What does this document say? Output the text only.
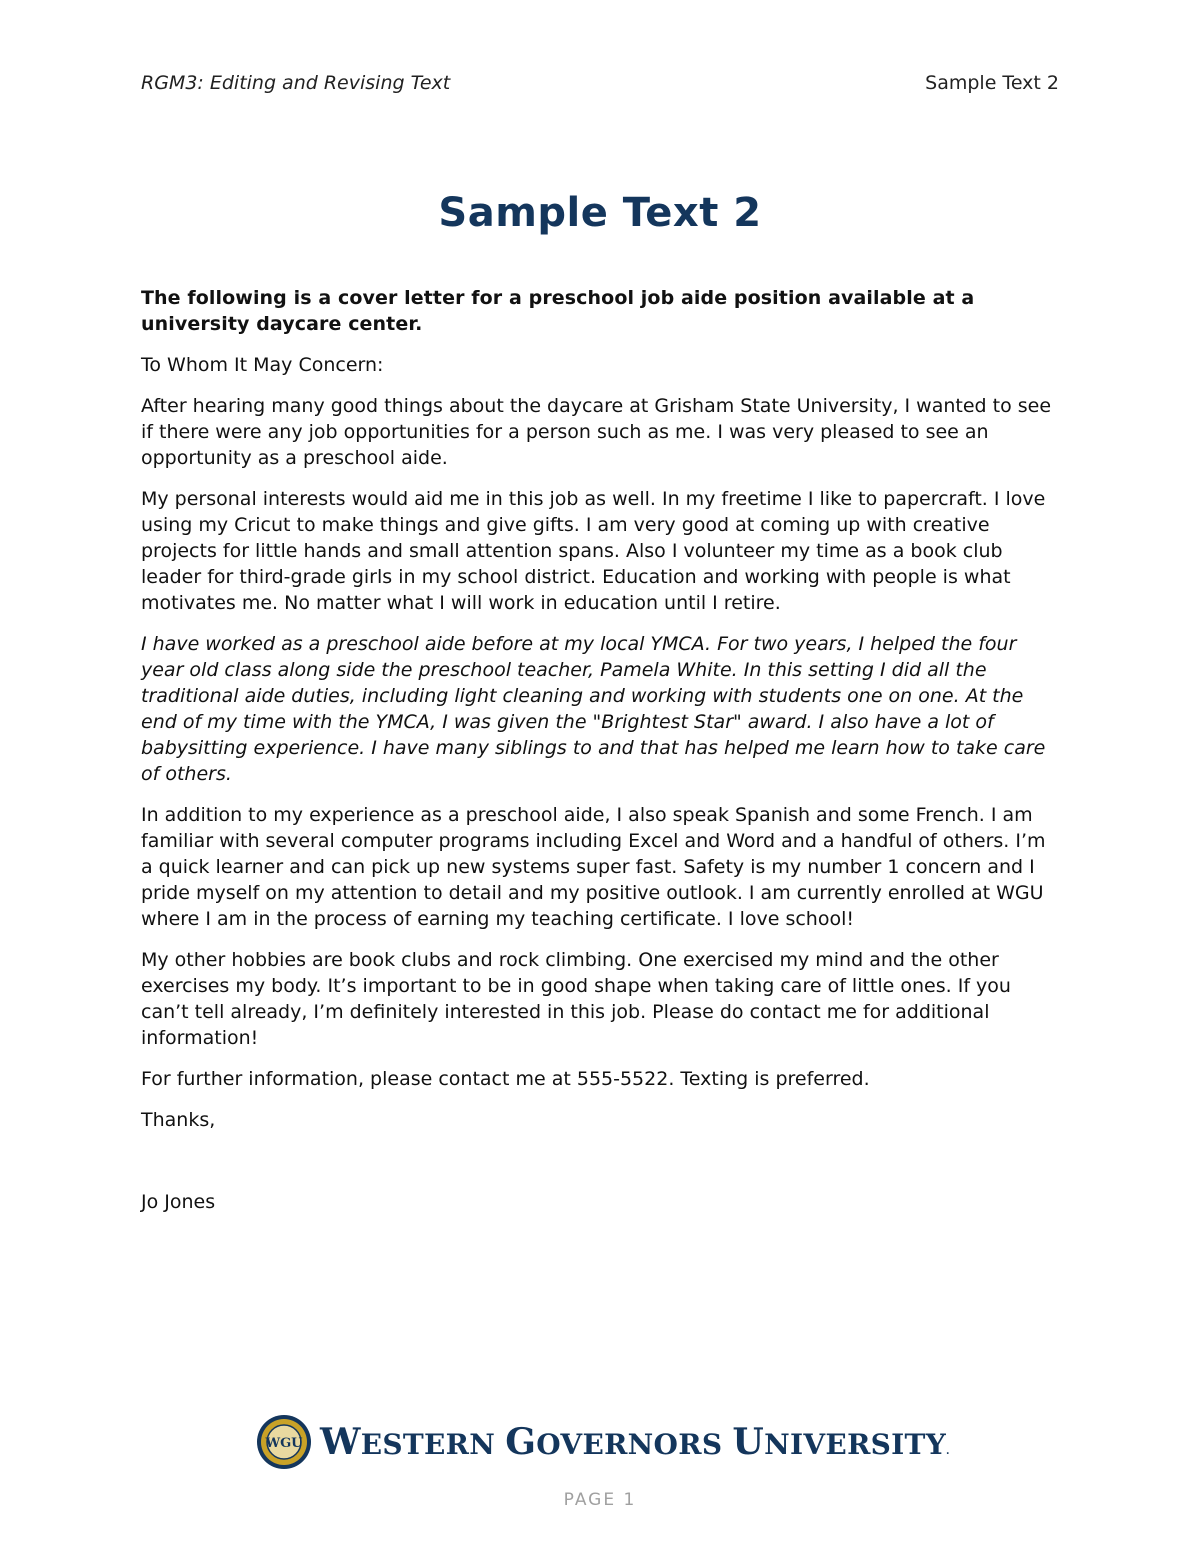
RGM3: Editing and Revising Text	Sample Text 2
Sample Text 2

The following is a cover letter for a preschool job aide position available at a university daycare center.

To Whom It May Concern:

After hearing many good things about the daycare at Grisham State University, I wanted to see if there were any job opportunities for a person such as me. I was very pleased to see an opportunity as a preschool aide.

My personal interests would aid me in this job as well. In my freetime I like to papercraft. I love using my Cricut to make things and give gifts. I am very good at coming up with creative projects for little hands and small attention spans. Also I volunteer my time as a book club leader for third-grade girls in my school district. Education and working with people is what motivates me. No matter what I will work in education until I retire.

I have worked as a preschool aide before at my local YMCA. For two years, I helped the four year old class along side the preschool teacher, Pamela White. In this setting I did all the traditional aide duties, including light cleaning and working with students one on one. At the end of my time with the YMCA, I was given the "Brightest Star" award. I also have a lot of babysitting experience. I have many siblings to and that has helped me learn how to take care of others.

In addition to my experience as a preschool aide, I also speak Spanish and some French. I am familiar with several computer programs including Excel and Word and a handful of others. I’m a quick learner and can pick up new systems super fast. Safety is my number 1 concern and I pride myself on my attention to detail and my positive outlook. I am currently enrolled at WGU where I am in the process of earning my teaching certificate. I love school!

My other hobbies are book clubs and rock climbing. One exercised my mind and the other exercises my body. It’s important to be in good shape when taking care of little ones. If you can’t tell already, I’m definitely interested in this job. Please do contact me for additional information!

For further information, please contact me at 555-5522. Texting is preferred.

Thanks,

Jo Jones

WGU WESTERN GOVERNORS UNIVERSITY.
PAGE 1
